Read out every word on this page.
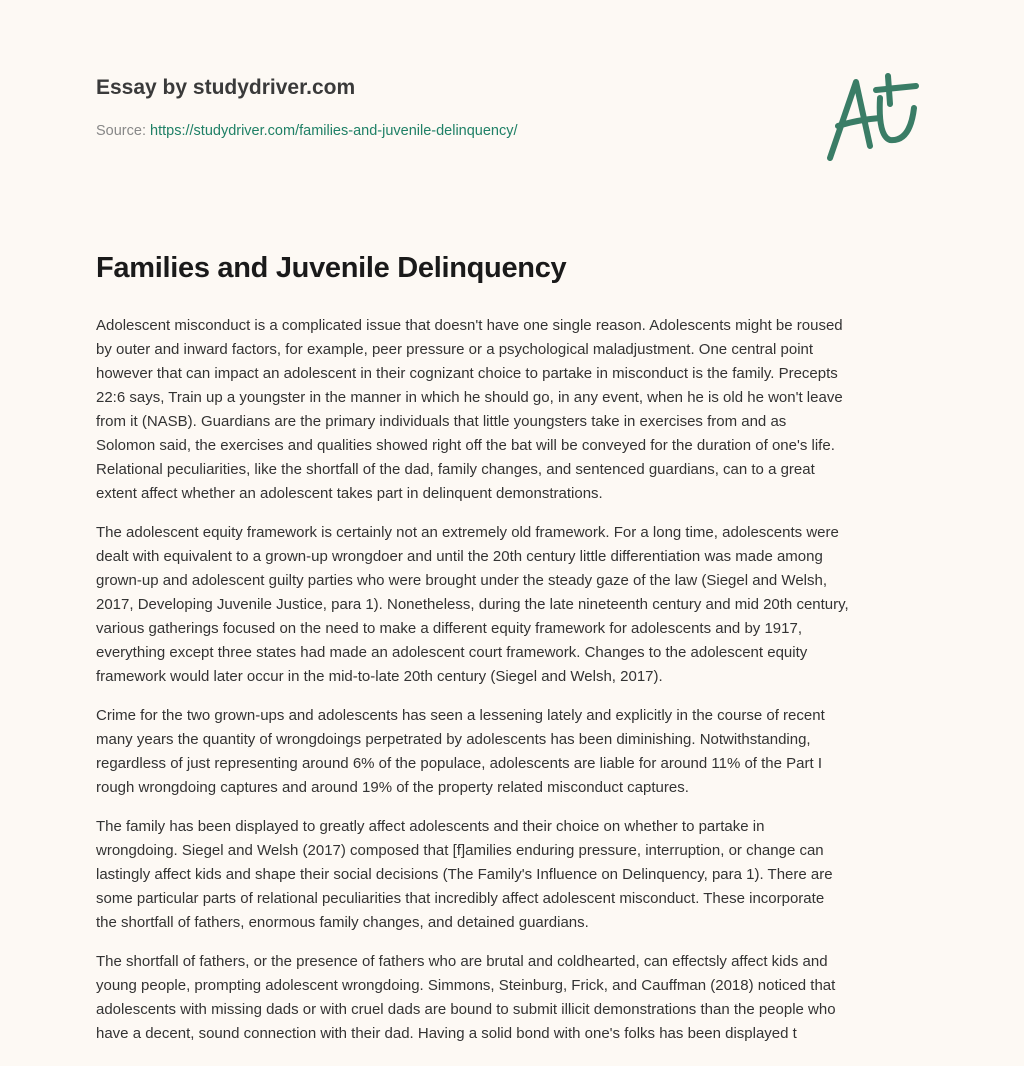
Essay by studydriver.com
Source: https://studydriver.com/families-and-juvenile-delinquency/
Families and Juvenile Delinquency

Adolescent misconduct is a complicated issue that doesn't have one single reason. Adolescents might be roused
by outer and inward factors, for example, peer pressure or a psychological maladjustment. One central point
however that can impact an adolescent in their cognizant choice to partake in misconduct is the family. Precepts
22:6 says, Train up a youngster in the manner in which he should go, in any event, when he is old he won't leave
from it (NASB). Guardians are the primary individuals that little youngsters take in exercises from and as
Solomon said, the exercises and qualities showed right off the bat will be conveyed for the duration of one's life.
Relational peculiarities, like the shortfall of the dad, family changes, and sentenced guardians, can to a great
extent affect whether an adolescent takes part in delinquent demonstrations.

The adolescent equity framework is certainly not an extremely old framework. For a long time, adolescents were
dealt with equivalent to a grown-up wrongdoer and until the 20th century little differentiation was made among
grown-up and adolescent guilty parties who were brought under the steady gaze of the law (Siegel and Welsh,
2017, Developing Juvenile Justice, para 1). Nonetheless, during the late nineteenth century and mid 20th century,
various gatherings focused on the need to make a different equity framework for adolescents and by 1917,
everything except three states had made an adolescent court framework. Changes to the adolescent equity
framework would later occur in the mid-to-late 20th century (Siegel and Welsh, 2017).

Crime for the two grown-ups and adolescents has seen a lessening lately and explicitly in the course of recent
many years the quantity of wrongdoings perpetrated by adolescents has been diminishing. Notwithstanding,
regardless of just representing around 6% of the populace, adolescents are liable for around 11% of the Part I
rough wrongdoing captures and around 19% of the property related misconduct captures.

The family has been displayed to greatly affect adolescents and their choice on whether to partake in
wrongdoing. Siegel and Welsh (2017) composed that [f]amilies enduring pressure, interruption, or change can
lastingly affect kids and shape their social decisions (The Family's Influence on Delinquency, para 1). There are
some particular parts of relational peculiarities that incredibly affect adolescent misconduct. These incorporate
the shortfall of fathers, enormous family changes, and detained guardians.

The shortfall of fathers, or the presence of fathers who are brutal and coldhearted, can effectsly affect kids and
young people, prompting adolescent wrongdoing. Simmons, Steinburg, Frick, and Cauffman (2018) noticed that
adolescents with missing dads or with cruel dads are bound to submit illicit demonstrations than the people who
have a decent, sound connection with their dad. Having a solid bond with one's folks has been displayed t
